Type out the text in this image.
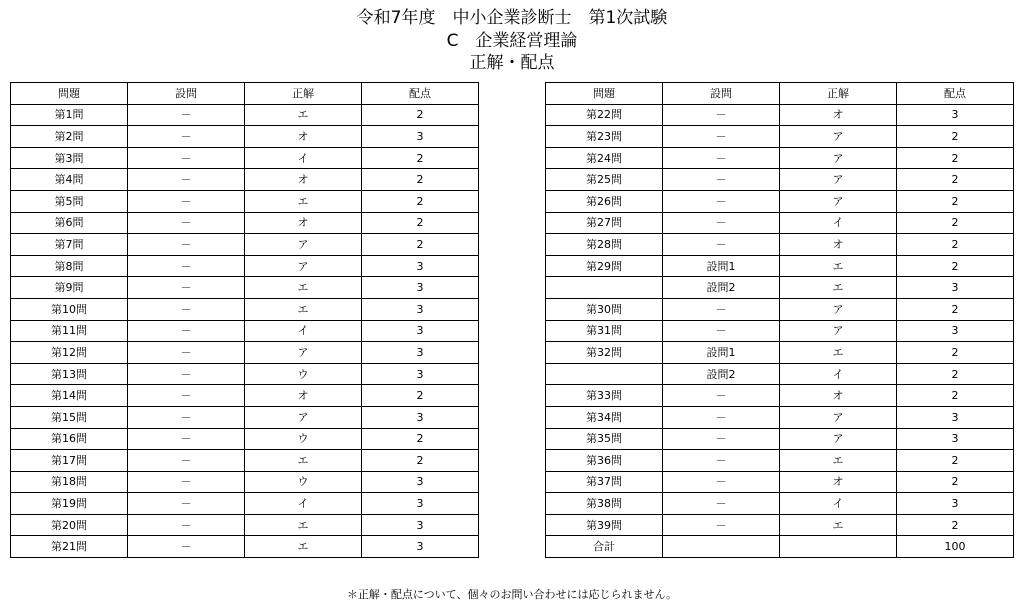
令和7年度　中小企業診断士　第1次試験
C　企業経営理論
正解・配点
問題	設問	正解	配点
第1問	－	エ	2
第2問	－	オ	3
第3問	－	イ	2
第4問	－	オ	2
第5問	－	エ	2
第6問	－	オ	2
第7問	－	ア	2
第8問	－	ア	3
第9問	－	エ	3
第10問	－	エ	3
第11問	－	イ	3
第12問	－	ア	3
第13問	－	ウ	3
第14問	－	オ	2
第15問	－	ア	3
第16問	－	ウ	2
第17問	－	エ	2
第18問	－	ウ	3
第19問	－	イ	3
第20問	－	エ	3
第21問	－	エ	3
問題	設問	正解	配点
第22問	－	オ	3
第23問	－	ア	2
第24問	－	ア	2
第25問	－	ア	2
第26問	－	ア	2
第27問	－	イ	2
第28問	－	オ	2
第29問	設問1	エ	2
	設問2	エ	3
第30問	－	ア	2
第31問	－	ア	3
第32問	設問1	エ	2
	設問2	イ	2
第33問	－	オ	2
第34問	－	ア	3
第35問	－	ア	3
第36問	－	エ	2
第37問	－	オ	2
第38問	－	イ	3
第39問	－	エ	2
合計			100
＊正解・配点について、個々のお問い合わせには応じられません。
